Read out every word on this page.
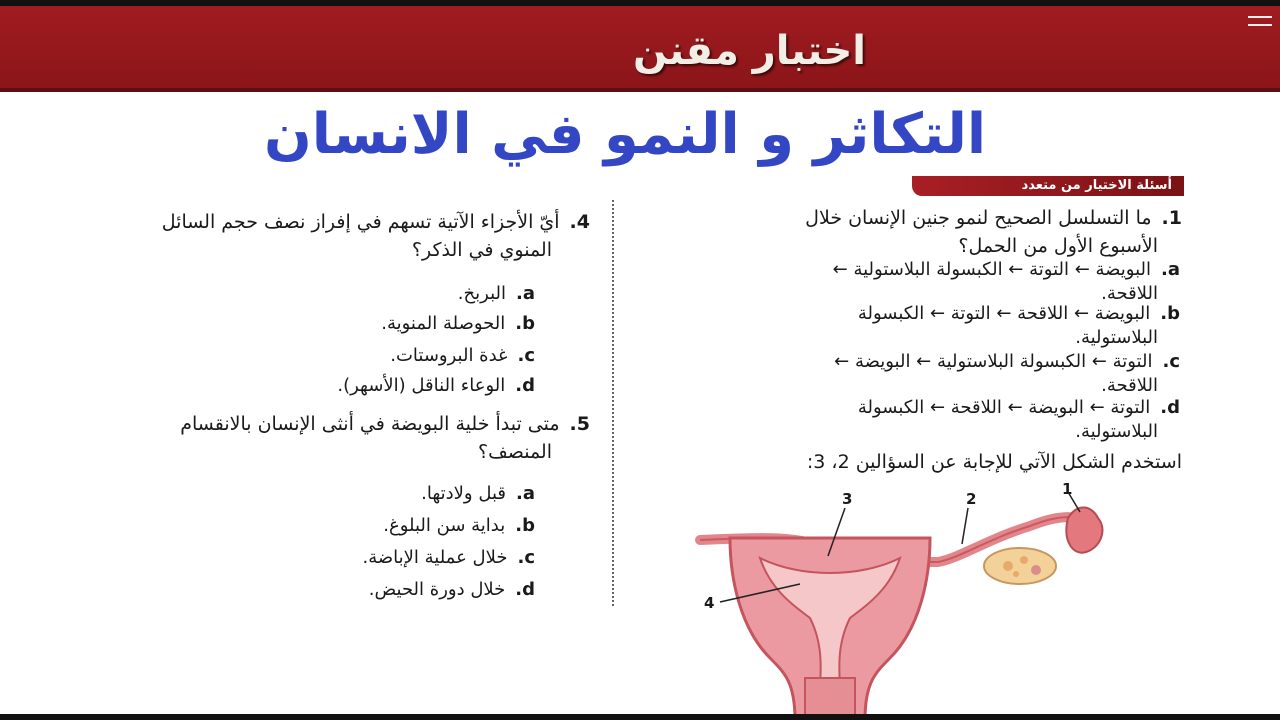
اختبار مقنن
التكاثر و النمو في الانسان
أسئلة الاختيار من متعدد
1.ما التسلسل الصحيح لنمو جنين الإنسان خلال
الأسبوع الأول من الحمل؟
a.البويضة ← التوتة ← الكبسولة البلاستولية ←
اللاقحة.
b.البويضة ← اللاقحة ← التوتة ← الكبسولة
البلاستولية.
c.التوتة ← الكبسولة البلاستولية ← البويضة ←
اللاقحة.
d.التوتة ← البويضة ← اللاقحة ← الكبسولة
البلاستولية.
استخدم الشكل الآتي للإجابة عن السؤالين 2، 3:
3	2
1
4
4.أيّ الأجزاء الآتية تسهم في إفراز نصف حجم السائل
المنوي في الذكر؟
a.البربخ.
b.الحوصلة المنوية.
c.غدة البروستات.
d.الوعاء الناقل (الأسهر).
5.متى تبدأ خلية البويضة في أنثى الإنسان بالانقسام
المنصف؟
a.قبل ولادتها.
b.بداية سن البلوغ.
c.خلال عملية الإباضة.
d.خلال دورة الحيض.
